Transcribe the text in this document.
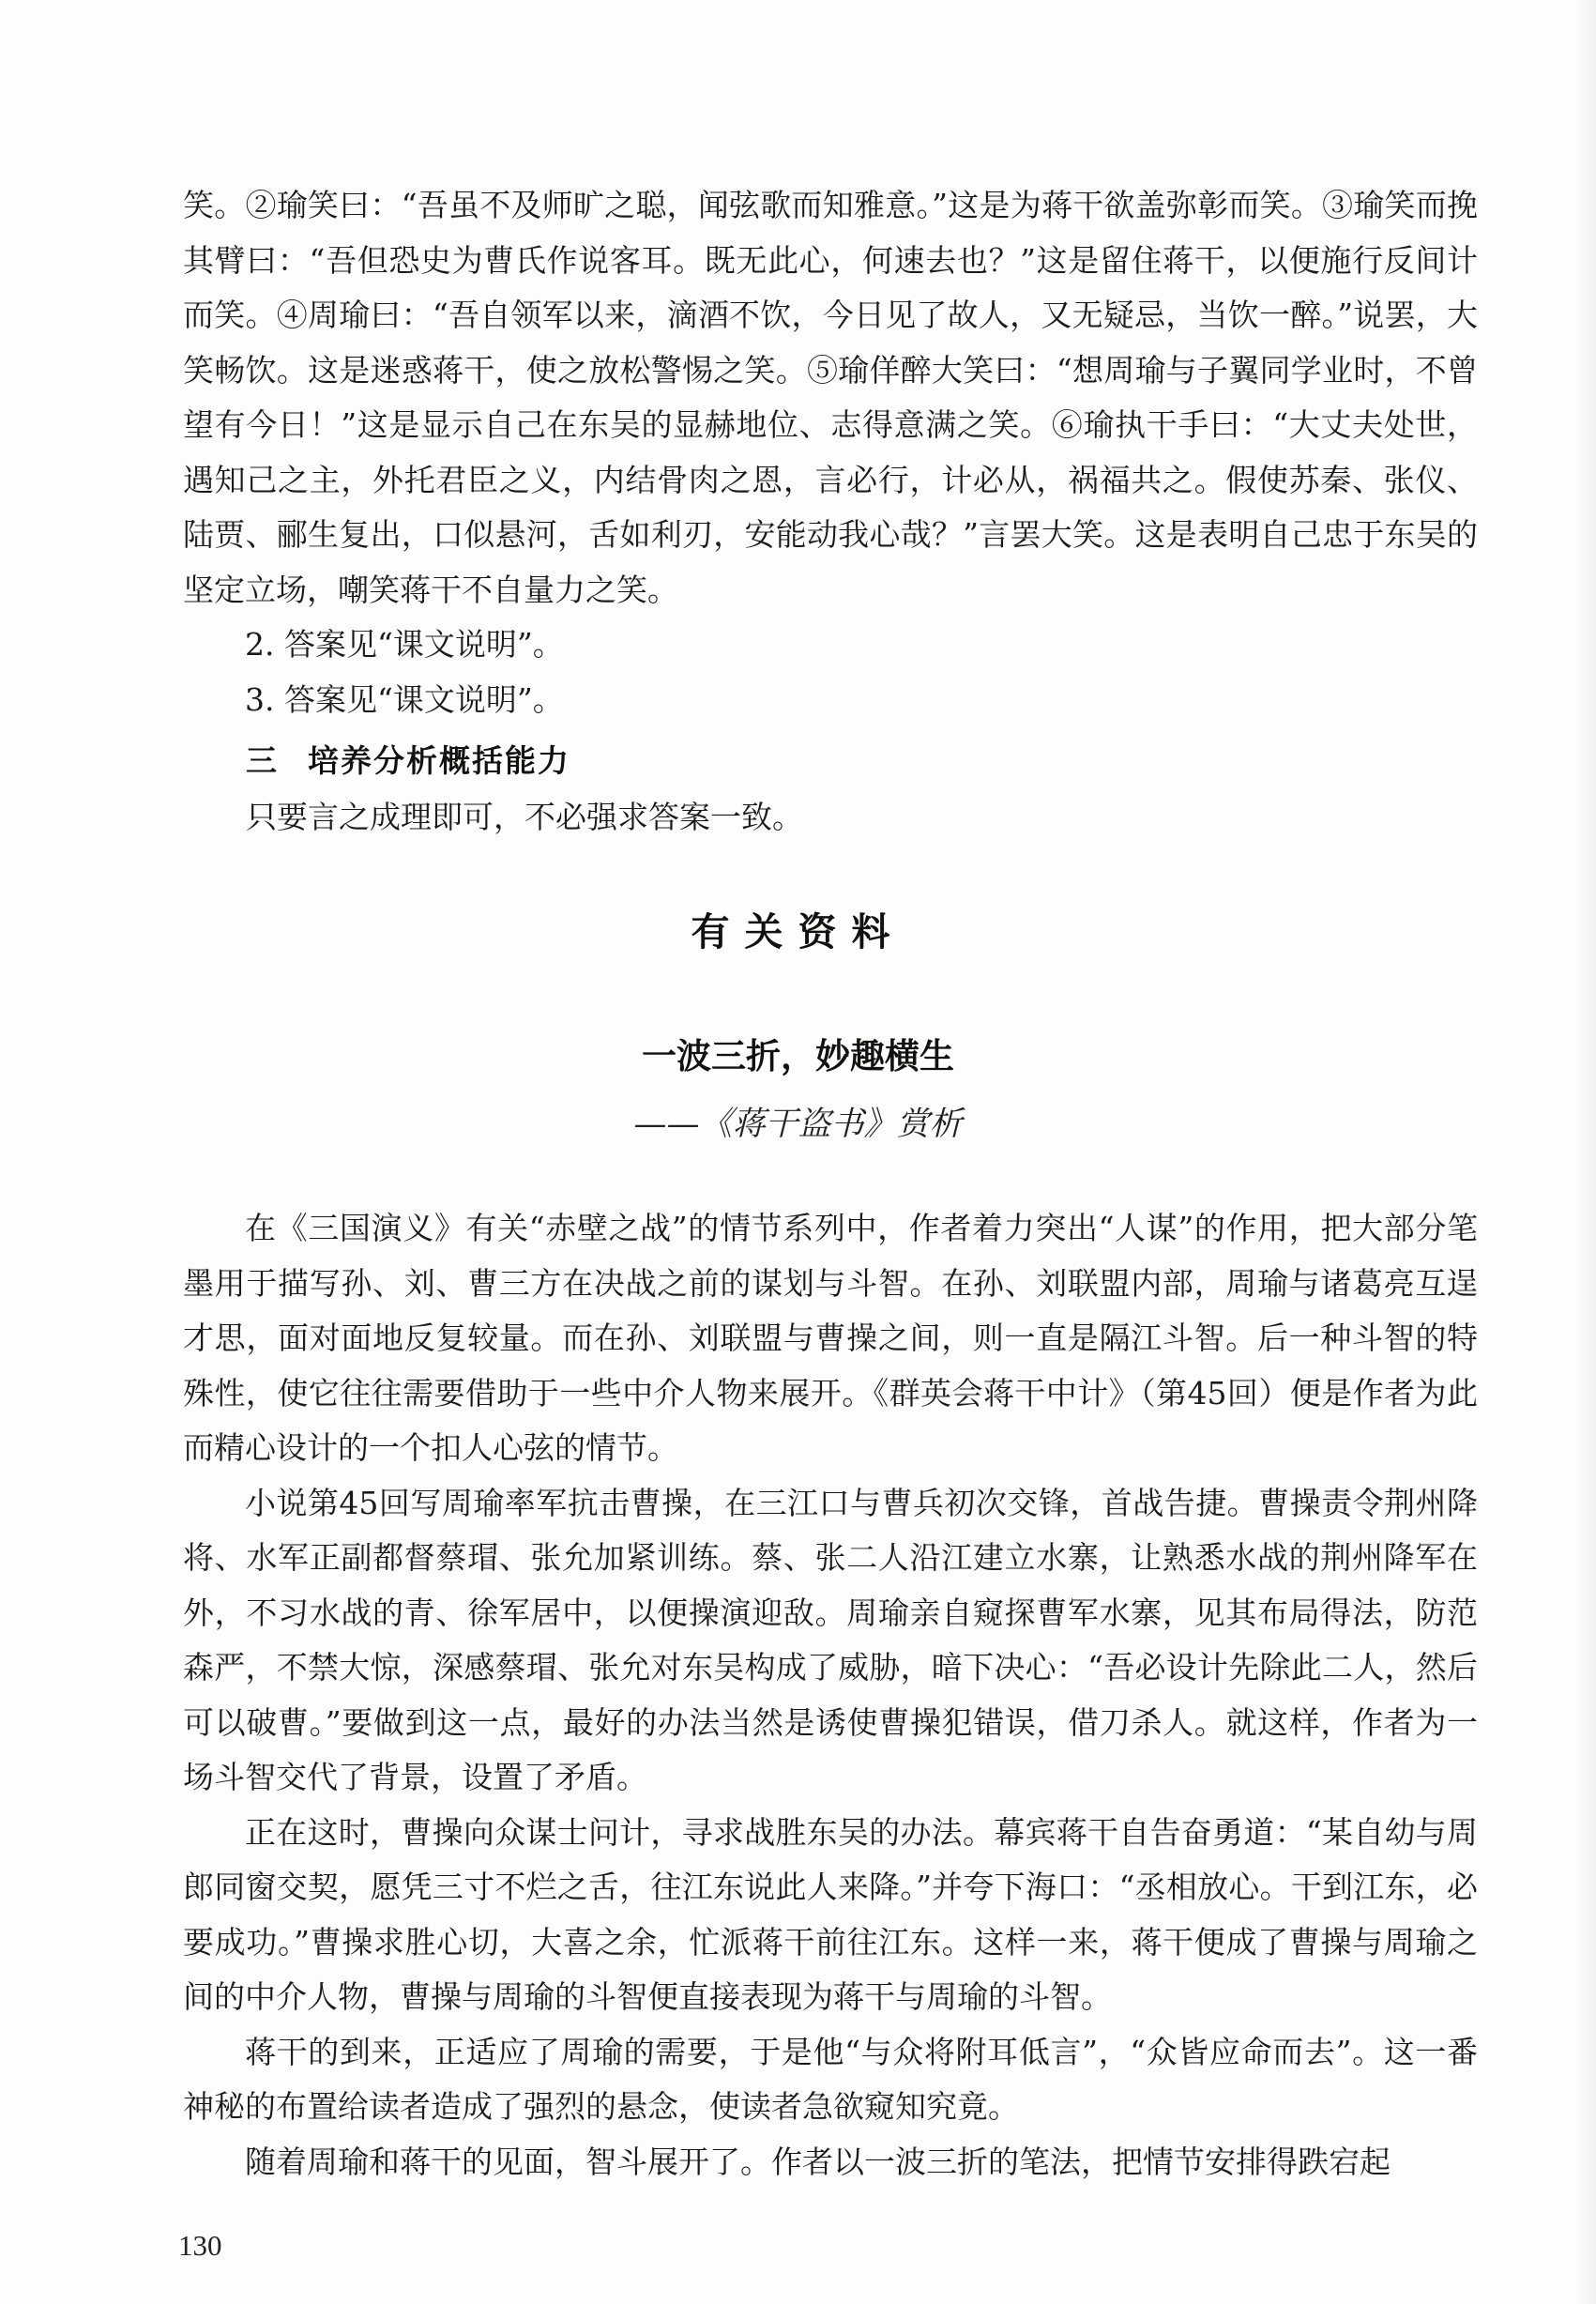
笑。②瑜笑曰：“吾虽不及师旷之聪，闻弦歌而知雅意。”这是为蒋干欲盖弥彰而笑。③瑜笑而挽其臂曰：“吾但恐史为曹氏作说客耳。既无此心，何速去也？”这是留住蒋干，以便施行反间计而笑。④周瑜曰：“吾自领军以来，滴酒不饮，今日见了故人，又无疑忌，当饮一醉。”说罢，大笑畅饮。这是迷惑蒋干，使之放松警惕之笑。⑤瑜佯醉大笑曰：“想周瑜与子翼同学业时，不曾望有今日！”这是显示自己在东吴的显赫地位、志得意满之笑。⑥瑜执干手曰：“大丈夫处世，遇知己之主，外托君臣之义，内结骨肉之恩，言必行，计必从，祸福共之。假使苏秦、张仪、陆贾、郦生复出，口似悬河，舌如利刃，安能动我心哉？”言罢大笑。这是表明自己忠于东吴的坚定立场，嘲笑蒋干不自量力之笑。

2. 答案见“课文说明”。

3. 答案见“课文说明”。

三 培养分析概括能力
只要言之成理即可，不必强求答案一致。
有关资料
一波三折，妙趣横生
——《蒋干盗书》赏析

在《三国演义》有关“赤壁之战”的情节系列中，作者着力突出“人谋”的作用，把大部分笔墨用于描写孙、刘、曹三方在决战之前的谋划与斗智。在孙、刘联盟内部，周瑜与诸葛亮互逞才思，面对面地反复较量。而在孙、刘联盟与曹操之间，则一直是隔江斗智。后一种斗智的特殊性，使它往往需要借助于一些中介人物来展开。《群英会蒋干中计》（第45回）便是作者为此而精心设计的一个扣人心弦的情节。

小说第45回写周瑜率军抗击曹操，在三江口与曹兵初次交锋，首战告捷。曹操责令荆州降将、水军正副都督蔡瑁、张允加紧训练。蔡、张二人沿江建立水寨，让熟悉水战的荆州降军在外，不习水战的青、徐军居中，以便操演迎敌。周瑜亲自窥探曹军水寨，见其布局得法，防范森严，不禁大惊，深感蔡瑁、张允对东吴构成了威胁，暗下决心：“吾必设计先除此二人，然后可以破曹。”要做到这一点，最好的办法当然是诱使曹操犯错误，借刀杀人。就这样，作者为一场斗智交代了背景，设置了矛盾。

正在这时，曹操向众谋士问计，寻求战胜东吴的办法。幕宾蒋干自告奋勇道：“某自幼与周郎同窗交契，愿凭三寸不烂之舌，往江东说此人来降。”并夸下海口：“丞相放心。干到江东，必要成功。”曹操求胜心切，大喜之余，忙派蒋干前往江东。这样一来，蒋干便成了曹操与周瑜之间的中介人物，曹操与周瑜的斗智便直接表现为蒋干与周瑜的斗智。

蒋干的到来，正适应了周瑜的需要，于是他“与众将附耳低言”，“众皆应命而去”。这一番神秘的布置给读者造成了强烈的悬念，使读者急欲窥知究竟。

随着周瑜和蒋干的见面，智斗展开了。作者以一波三折的笔法，把情节安排得跌宕起

130
